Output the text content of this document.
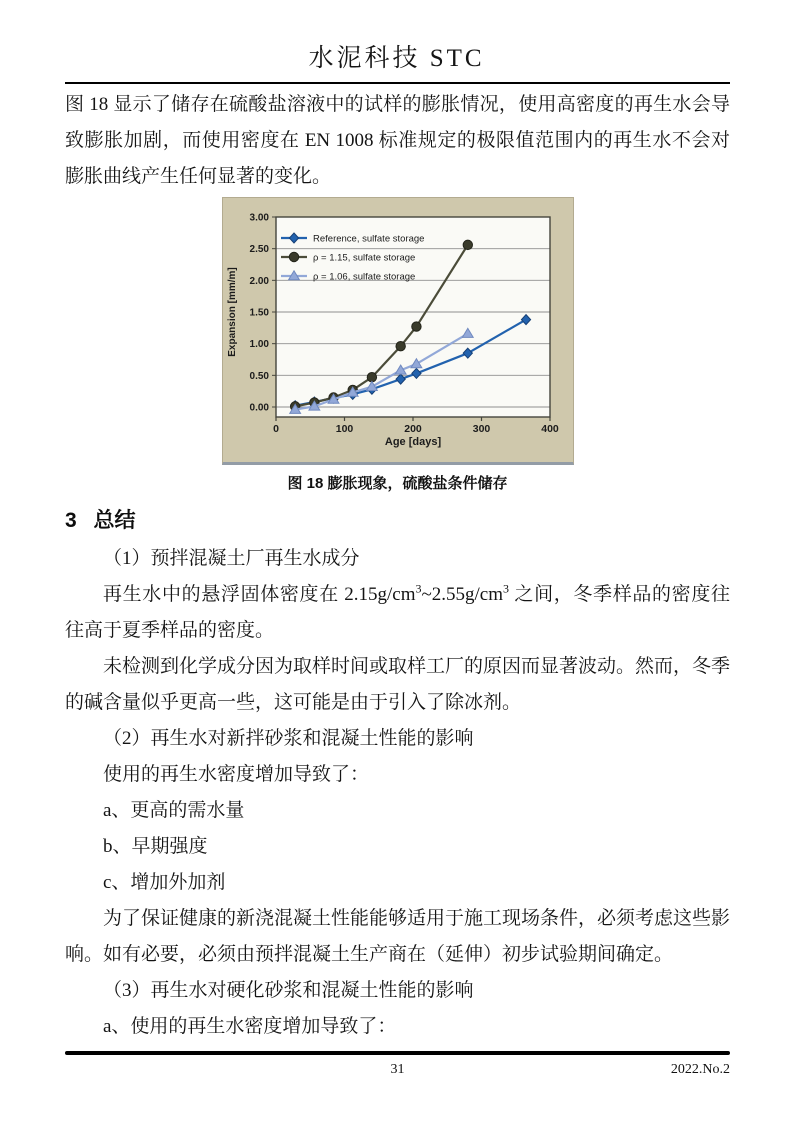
水泥科技 STC

图 18 显示了储存在硫酸盐溶液中的试样的膨胀情况，使用高密度的再生水会导致膨胀加剧，而使用密度在 EN 1008 标准规定的极限值范围内的再生水不会对膨胀曲线产生任何显著的变化。

0	100	200	300	400
0.00
0.50
1.00
1.50
2.00
2.50
3.00
Age [days]
Expansion [mm/m]
Reference, sulfate storage
ρ = 1.15, sulfate storage
ρ = 1.06, sulfate storage
图 18 膨胀现象，硫酸盐条件储存
3 总结

（1）预拌混凝土厂再生水成分

再生水中的悬浮固体密度在 $2.15g/cm^3\sim 2.55g/cm^3$ 之间，冬季样品的密度往往高于夏季样品的密度。

未检测到化学成分因为取样时间或取样工厂的原因而显著波动。然而，冬季的碱含量似乎更高一些，这可能是由于引入了除冰剂。

（2）再生水对新拌砂浆和混凝土性能的影响

使用的再生水密度增加导致了：

a、更高的需水量

b、早期强度

c、增加外加剂

为了保证健康的新浇混凝土性能能够适用于施工现场条件，必须考虑这些影响。如有必要，必须由预拌混凝土生产商在（延伸）初步试验期间确定。

（3）再生水对硬化砂浆和混凝土性能的影响

a、使用的再生水密度增加导致了：

31	2022.No.2
